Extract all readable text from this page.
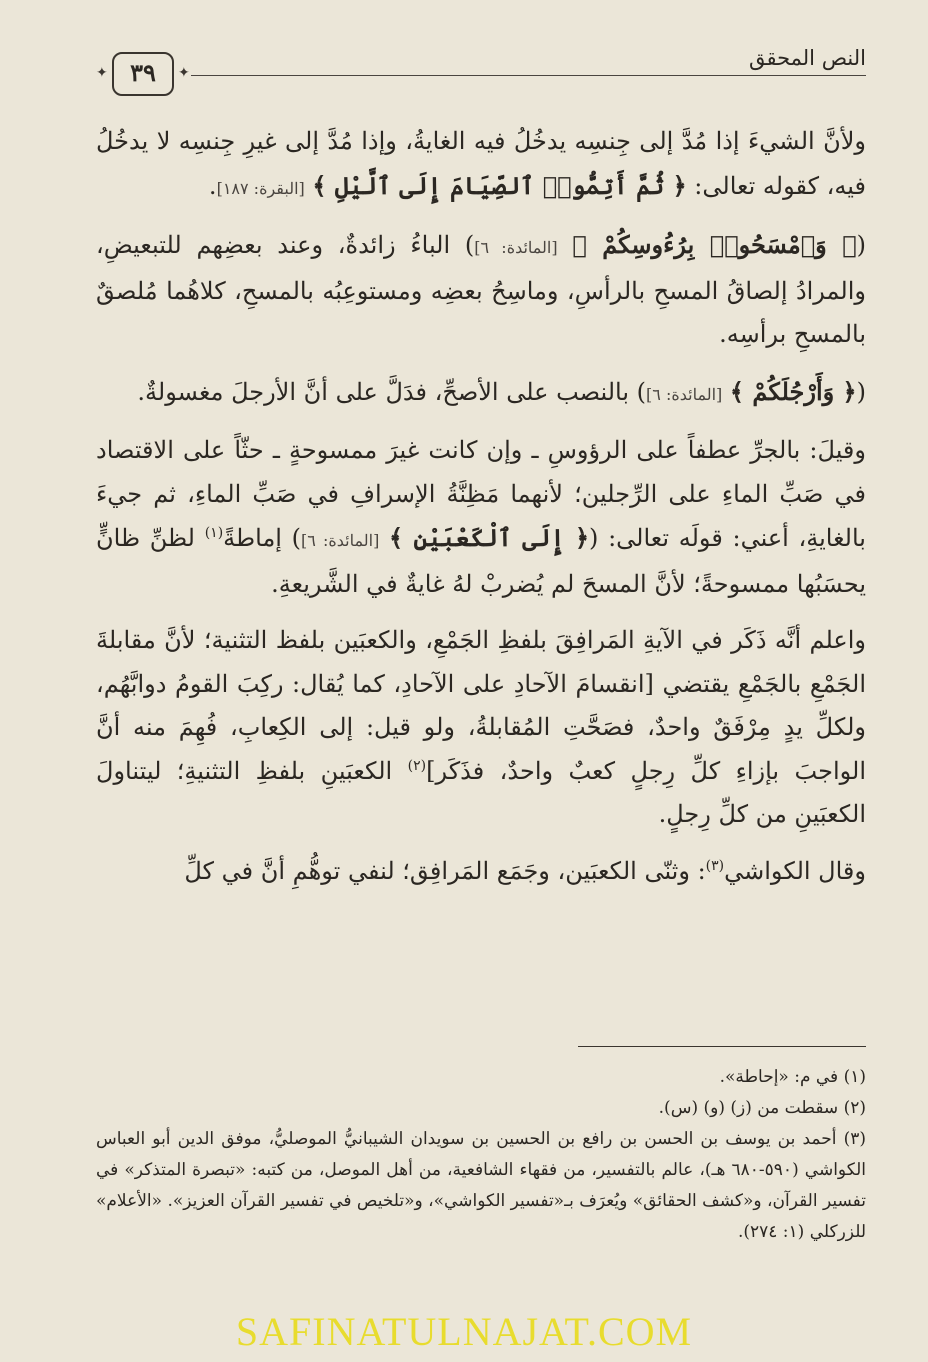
النص المحقق
✦ ٣٩	✦

ولأنَّ الشيءَ إذا مُدَّ إلى جِنسِه يدخُلُ فيه الغايةُ، وإذا مُدَّ إلى غيرِ جِنسِه لا يدخُلُ فيه، كقوله تعالى: ﴿ ثُمَّ أَتِمُّوا۟ ٱلصِّيَامَ إِلَى ٱلَّيْلِ ﴾ [البقرة: ١٨٧].

(﴿ وَٱمْسَحُوا۟ بِرُءُوسِكُمْ ﴾ [المائدة: ٦]) الباءُ زائدةٌ، وعند بعضِهم للتبعيضِ، والمرادُ إلصاقُ المسحِ بالرأسِ، وماسِحُ بعضِه ومستوعِبُه بالمسحِ، كلاهُما مُلصقٌ بالمسحِ برأسِه.

(﴿ وَأَرْجُلَكُمْ ﴾ [المائدة: ٦]) بالنصب على الأصحِّ، فدَلَّ على أنَّ الأرجلَ مغسولةٌ.

وقيلَ: بالجرِّ عطفاً على الرؤوسِ ـ وإن كانت غيرَ ممسوحةٍ ـ حثّاً على الاقتصاد في صَبِّ الماءِ على الرِّجلين؛ لأنهما مَظِنَّةُ الإسرافِ في صَبِّ الماءِ، ثم جيءَ بالغايةِ، أعني: قولَه تعالى: (﴿ إِلَى ٱلْكَعْبَيْنِ ﴾ [المائدة: ٦]) إماطةً$^{(١)}$ لظنِّ ظانٍّ يحسَبُها ممسوحةً؛ لأنَّ المسحَ لم يُضربْ لهُ غايةٌ في الشَّريعةِ.

واعلم أنَّه ذَكَر في الآيةِ المَرافِقَ بلفظِ الجَمْعِ، والكعبَين بلفظ التثنية؛ لأنَّ مقابلةَ الجَمْعِ بالجَمْعِ يقتضي [انقسامَ الآحادِ على الآحادِ، كما يُقال: ركِبَ القومُ دوابَّهُم، ولكلِّ يدٍ مِرْفَقٌ واحدٌ، فصَحَّتِ المُقابلةُ، ولو قيل: إلى الكِعابِ، فُهِمَ منه أنَّ الواجبَ بإزاءِ كلِّ رِجلٍ كعبٌ واحدٌ، فذَكَر]$^{(٢)}$ الكعبَينِ بلفظِ التثنيةِ؛ ليتناولَ الكعبَينِ من كلِّ رِجلٍ.

وقال الكواشي$^{(٣)}$: وثنّى الكعبَين، وجَمَع المَرافِق؛ لنفي توهُّمِ أنَّ في كلِّ

(١) في م: «إحاطة».

(٢) سقطت من (ز) (و) (س).

(٣) أحمد بن يوسف بن الحسن بن رافع بن الحسين بن سويدان الشيبانيُّ الموصليُّ، موفق الدين أبو العباس الكواشي (٥٩٠-٦٨٠ هـ)، عالم بالتفسير، من فقهاء الشافعية، من أهل الموصل، من كتبه: «تبصرة المتذكر» في تفسير القرآن، و«كشف الحقائق» ويُعرَف بـ«تفسير الكواشي»، و«تلخيص في تفسير القرآن العزيز». «الأعلام» للزركلي (١: ٢٧٤).

SAFINATULNAJAT.COM
